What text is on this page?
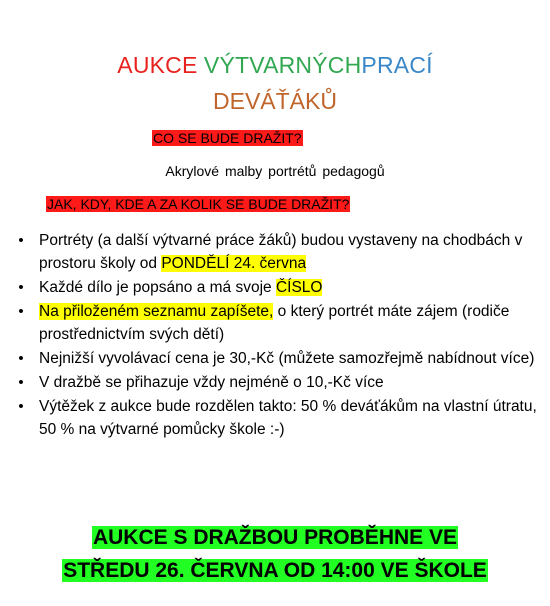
AUKCE VÝTVARNÝCHPRACÍ
DEVÁŤÁKŮ
CO SE BUDE DRAŽIT?
Akrylové malby portrétů pedagogů
JAK, KDY, KDE A ZA KOLIK SE BUDE DRAŽIT?
• Portréty (a další výtvarné práce žáků) budou vystaveny na chodbách v prostoru školy od PONDĚLÍ 24. června
• Každé dílo je popsáno a má svoje ČÍSLO
• Na přiloženém seznamu zapíšete, o který portrét máte zájem (rodiče prostřednictvím svých dětí)
• Nejnižší vyvolávací cena je 30,-Kč (můžete samozřejmě nabídnout více)
• V dražbě se přihazuje vždy nejméně o 10,-Kč více
• Výtěžek z aukce bude rozdělen takto: 50 % deváťákům na vlastní útratu, 50 % na výtvarné pomůcky škole :-)
AUKCE S DRAŽBOU PROBĚHNE VE
STŘEDU 26. ČERVNA OD 14:00 VE ŠKOLE
